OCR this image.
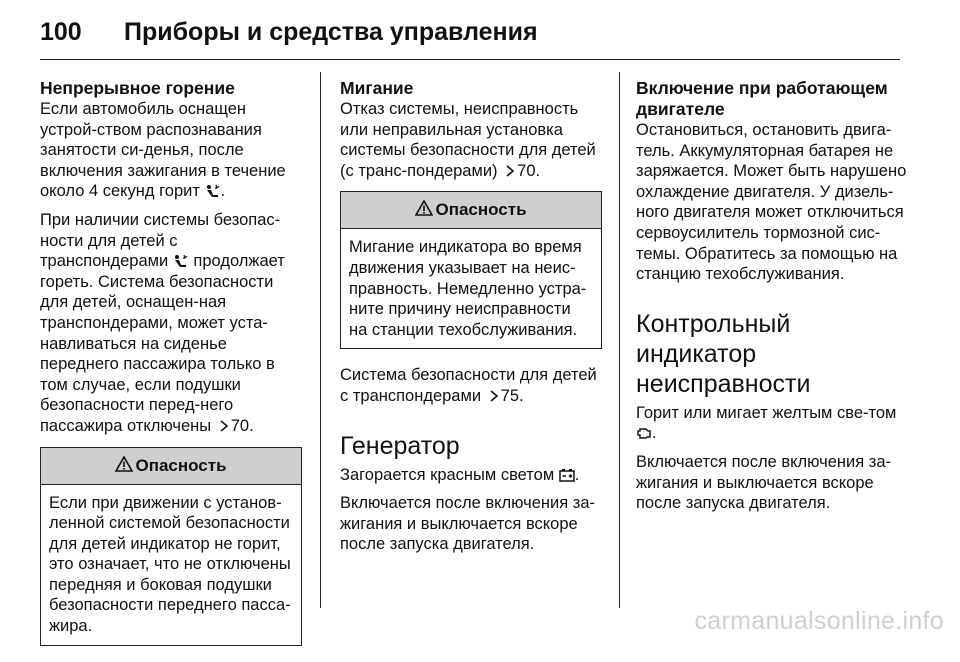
100	Приборы и средства управления
Непрерывное горение

Если автомобиль оснащен устрой-ством распознавания занятости си-денья, после включения зажигания в течение около 4 секунд горит .

При наличии системы безопас-ности для детей с транспондерами продолжает гореть. Система безопасности для детей, оснащен-ная транспондерами, может уста-навливаться на сиденье переднего пассажира только в том случае, если подушки безопасности перед-него пассажира отключены 70.

Опасность
Если при движении с установ-ленной системой безопасности для детей индикатор не горит, это означает, что не отключены передняя и боковая подушки безопасности переднего пасса-жира.
Мигание

Отказ системы, неисправность или неправильная установка системы безопасности для детей (с транс-пондерами) 70.

Опасность
Мигание индикатора во время движения указывает на неис-правность. Немедленно устра-ните причину неисправности на станции техобслуживания.

Система безопасности для детей с транспондерами 75.

Генератор

Загорается красным светом .

Включается после включения за-жигания и выключается вскоре после запуска двигателя.

Включение при работающем двигателе

Остановиться, остановить двига-тель. Аккумуляторная батарея не заряжается. Может быть нарушено охлаждение двигателя. У дизель-ного двигателя может отключиться сервоусилитель тормозной сис-темы. Обратитесь за помощью на станцию техобслуживания.

Контрольный индикатор неисправности

Горит или мигает желтым све-том .

Включается после включения за-жигания и выключается вскоре после запуска двигателя.

carmanualsonline.info
